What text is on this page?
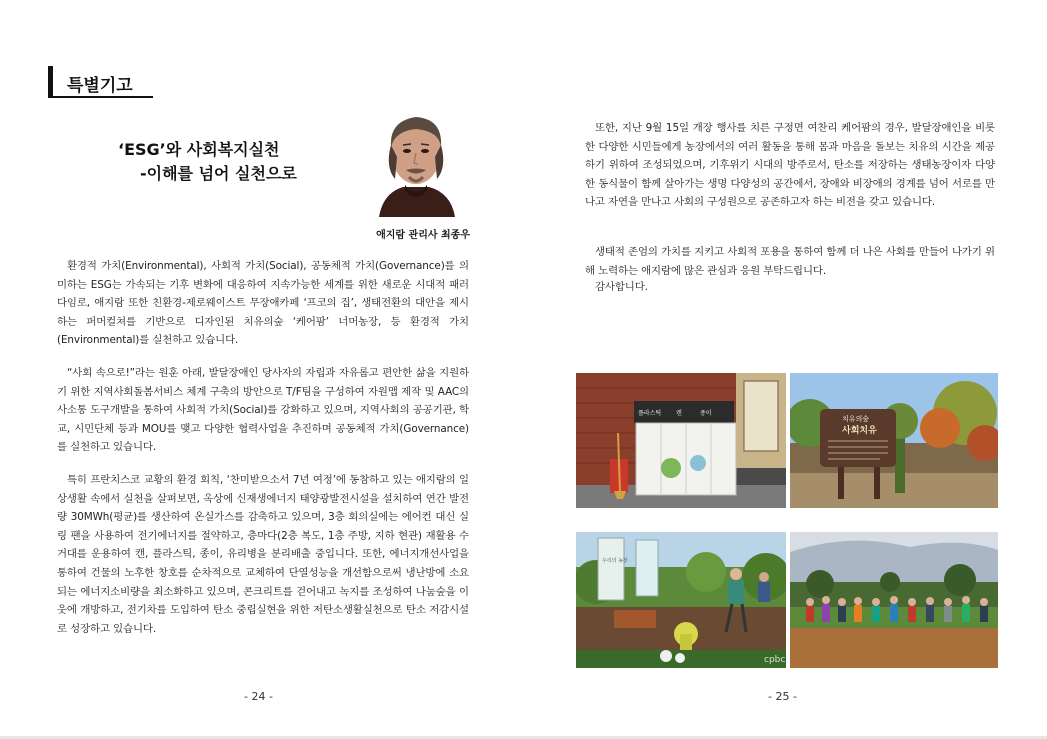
특별기고
‘ESG’와 사회복지실천
-이해를 넘어 실천으로
애지람 관리사 최종우
환경적 가치(Environmental), 사회적 가치(Social), 공동체적 가치(Governance)를 의미하는 ESG는 가속되는 기후 변화에 대응하여 지속가능한 세계를 위한 새로운 시대적 패러다임로, 애지람 또한 친환경-제로웨이스트 무장애카페 ‘프코의 집’, 생태전환의 대안을 제시하는 퍼머컬쳐를 기반으로 디자인된 치유의숲 ‘케어팜’ 너머농장, 등 환경적 가치(Environmental)를 실천하고 있습니다.
“사회 속으로!”라는 원훈 아래, 발달장애인 당사자의 자립과 자유롭고 편안한 삶을 지원하기 위한 지역사회돌봄서비스 체계 구축의 방안으로 T/F팀을 구성하여 자원맵 제작 및 AAC의사소통 도구개발을 통하여 사회적 가치(Social)를 강화하고 있으며, 지역사회의 공공기관, 학교, 시민단체 등과 MOU를 맺고 다양한 협력사업을 추진하며 공동체적 가치(Governance)를 실천하고 있습니다.
특히 프란치스코 교황의 환경 회칙, ‘찬미받으소서 7년 여정’에 동참하고 있는 애지람의 일상생활 속에서 실천을 살펴보면, 옥상에 신재생에너지 태양광발전시설을 설치하여 연간 발전량 30MWh(평균)를 생산하여 온실가스를 감축하고 있으며, 3층 회의실에는 에어컨 대신 실링 팬을 사용하여 전기에너지를 절약하고, 층마다(2층 복도, 1층 주방, 지하 현관) 재활용 수거대를 운용하여 캔, 플라스틱, 종이, 유리병을 분리배출 중입니다. 또한, 에너지개선사업을 통하여 건물의 노후한 창호를 순차적으로 교체하여 단열성능을 개선함으로써 냉난방에 소요되는 에너지소비량을 최소화하고 있으며, 콘크리트를 걷어내고 녹지를 조성하여 나눔숲을 이웃에 개방하고, 전기차를 도입하여 탄소 중립실현을 위한 저탄소생활실천으로 탄소 저감시설로 성장하고 있습니다.
- 24 -	- 25 -
또한, 지난 9월 15일 개장 행사를 치른 구정면 여찬리 케어팜의 경우, 발달장애인을 비롯한 다양한 시민들에게 농장에서의 여러 활동을 통해 몸과 마음을 돌보는 치유의 시간을 제공하기 위하여 조성되었으며, 기후위기 시대의 방주로서, 탄소를 저장하는 생태농장이자 다양한 동식물이 함께 살아가는 생명 다양성의 공간에서, 장애와 비장애의 경계를 넘어 서로를 만나고 자연을 만나고 사회의 구성원으로 공존하고자 하는 비전을 갖고 있습니다.
생태적 존엄의 가치를 지키고 사회적 포용을 통하여 함께 더 나은 사회를 만들어 나가기 위해 노력하는 애지람에 많은 관심과 응원 부탁드립니다.
감사합니다.
플라스틱 캔	종이
치유의숲
사회치유
우리의 농장
cpbc
